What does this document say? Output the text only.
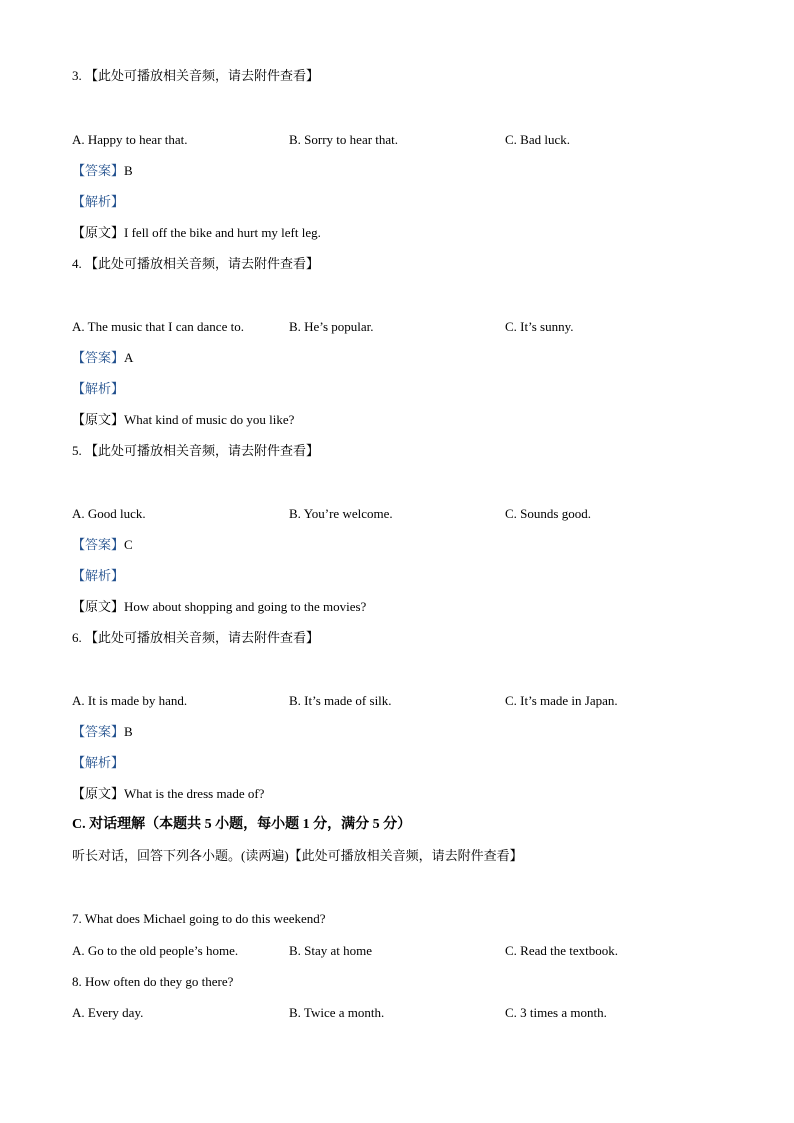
3. 【此处可播放相关音频，请去附件查看】
A. Happy to hear that.	B. Sorry to hear that.	C. Bad luck.
【答案】B
【解析】
【原文】I fell off the bike and hurt my left leg.
4. 【此处可播放相关音频，请去附件查看】
A. The music that I can dance to.	B. He’s popular.	C. It’s sunny.
【答案】A
【解析】
【原文】What kind of music do you like?
5. 【此处可播放相关音频，请去附件查看】
A. Good luck.	B. You’re welcome.	C. Sounds good.
【答案】C
【解析】
【原文】How about shopping and going to the movies?
6. 【此处可播放相关音频，请去附件查看】
A. It is made by hand.	B. It’s made of silk.	C. It’s made in Japan.
【答案】B
【解析】
【原文】What is the dress made of?
C. 对话理解（本题共 5 小题，每小题 1 分，满分 5 分）
听长对话，回答下列各小题。(读两遍)【此处可播放相关音频，请去附件查看】
7. What does Michael going to do this weekend?
A. Go to the old people’s home.	B. Stay at home	C. Read the textbook.
8. How often do they go there?
A. Every day.	B. Twice a month.	C. 3 times a month.
